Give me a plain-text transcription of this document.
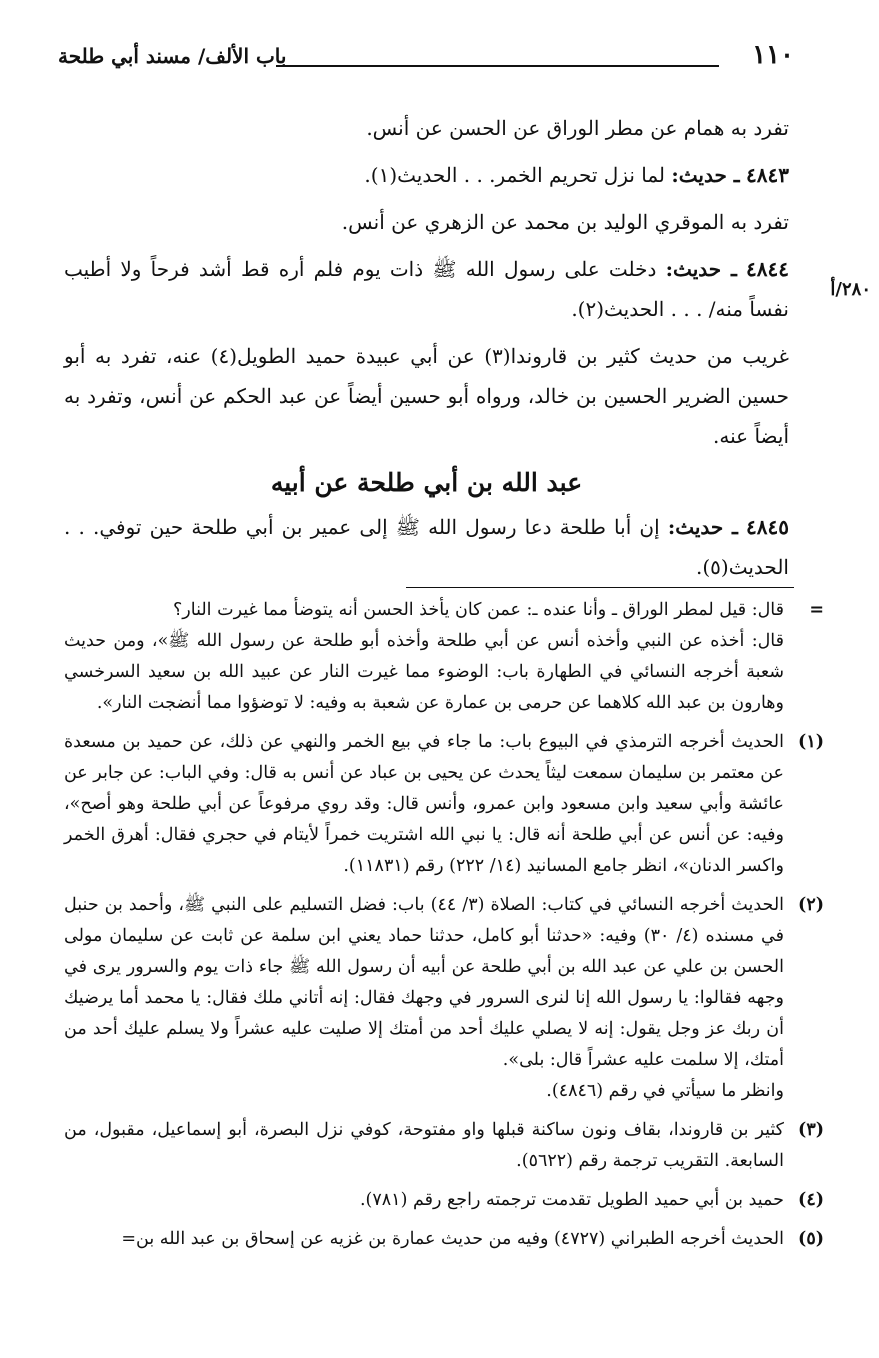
باب الألف/ مسند أبي طلحة	١١٠
٢٨٠/أ

تفرد به همام عن مطر الوراق عن الحسن عن أنس.

٤٨٤٣ ـ حديث: لما نزل تحريم الخمر. . . الحديث(١).

تفرد به الموقري الوليد بن محمد عن الزهري عن أنس.

٤٨٤٤ ـ حديث: دخلت على رسول الله ﷺ ذات يوم فلم أره قط أشد فرحاً ولا أطيب نفساً منه/ . . . الحديث(٢).

غريب من حديث كثير بن قاروندا(٣) عن أبي عبيدة حميد الطويل(٤) عنه، تفرد به أبو حسين الضرير الحسين بن خالد، ورواه أبو حسين أيضاً عن عبد الحكم عن أنس، وتفرد به أيضاً عنه.

عبد الله بن أبي طلحة عن أبيه

٤٨٤٥ ـ حديث: إن أبا طلحة دعا رسول الله ﷺ إلى عمير بن أبي طلحة حين توفي. . . الحديث(٥).

=
قال: قيل لمطر الوراق ـ وأنا عنده ـ: عمن كان يأخذ الحسن أنه يتوضأ مما غيرت النار؟
قال: أخذه عن النبي وأخذه أنس عن أبي طلحة وأخذه أبو طلحة عن رسول الله ﷺ»، ومن حديث شعبة أخرجه النسائي في الطهارة باب: الوضوء مما غيرت النار عن عبيد الله بن سعيد السرخسي وهارون بن عبد الله كلاهما عن حرمى بن عمارة عن شعبة به وفيه: لا توضؤوا مما أنضجت النار».
(١)
الحديث أخرجه الترمذي في البيوع باب: ما جاء في بيع الخمر والنهي عن ذلك، عن حميد بن مسعدة عن معتمر بن سليمان سمعت ليثاً يحدث عن يحيى بن عباد عن أنس به قال: وفي الباب: عن جابر عن عائشة وأبي سعيد وابن مسعود وابن عمرو، وأنس قال: وقد روي مرفوعاً عن أبي طلحة وهو أصح»، وفيه: عن أنس عن أبي طلحة أنه قال: يا نبي الله اشتريت خمراً لأيتام في حجري فقال: أهرق الخمر واكسر الدنان»، انظر جامع المسانيد (١٤/ ٢٢٢) رقم (١١٨٣١).
(٢)
الحديث أخرجه النسائي في كتاب: الصلاة (٣/ ٤٤) باب: فضل التسليم على النبي ﷺ، وأحمد بن حنبل في مسنده (٤/ ٣٠) وفيه: «حدثنا أبو كامل، حدثنا حماد يعني ابن سلمة عن ثابت عن سليمان مولى الحسن بن علي عن عبد الله بن أبي طلحة عن أبيه أن رسول الله ﷺ جاء ذات يوم والسرور يرى في وجهه فقالوا: يا رسول الله إنا لنرى السرور في وجهك فقال: إنه أتاني ملك فقال: يا محمد أما يرضيك أن ربك عز وجل يقول: إنه لا يصلي عليك أحد من أمتك إلا صليت عليه عشراً ولا يسلم عليك أحد من أمتك، إلا سلمت عليه عشراً قال: بلى».
وانظر ما سيأتي في رقم (٤٨٤٦).
(٣)
كثير بن قاروندا، بقاف ونون ساكنة قبلها واو مفتوحة، كوفي نزل البصرة، أبو إسماعيل، مقبول، من السابعة. التقريب ترجمة رقم (٥٦٢٢).
(٤)
حميد بن أبي حميد الطويل تقدمت ترجمته راجع رقم (٧٨١).
(٥)
الحديث أخرجه الطبراني (٤٧٢٧) وفيه من حديث عمارة بن غزيه عن إسحاق بن عبد الله بن=
